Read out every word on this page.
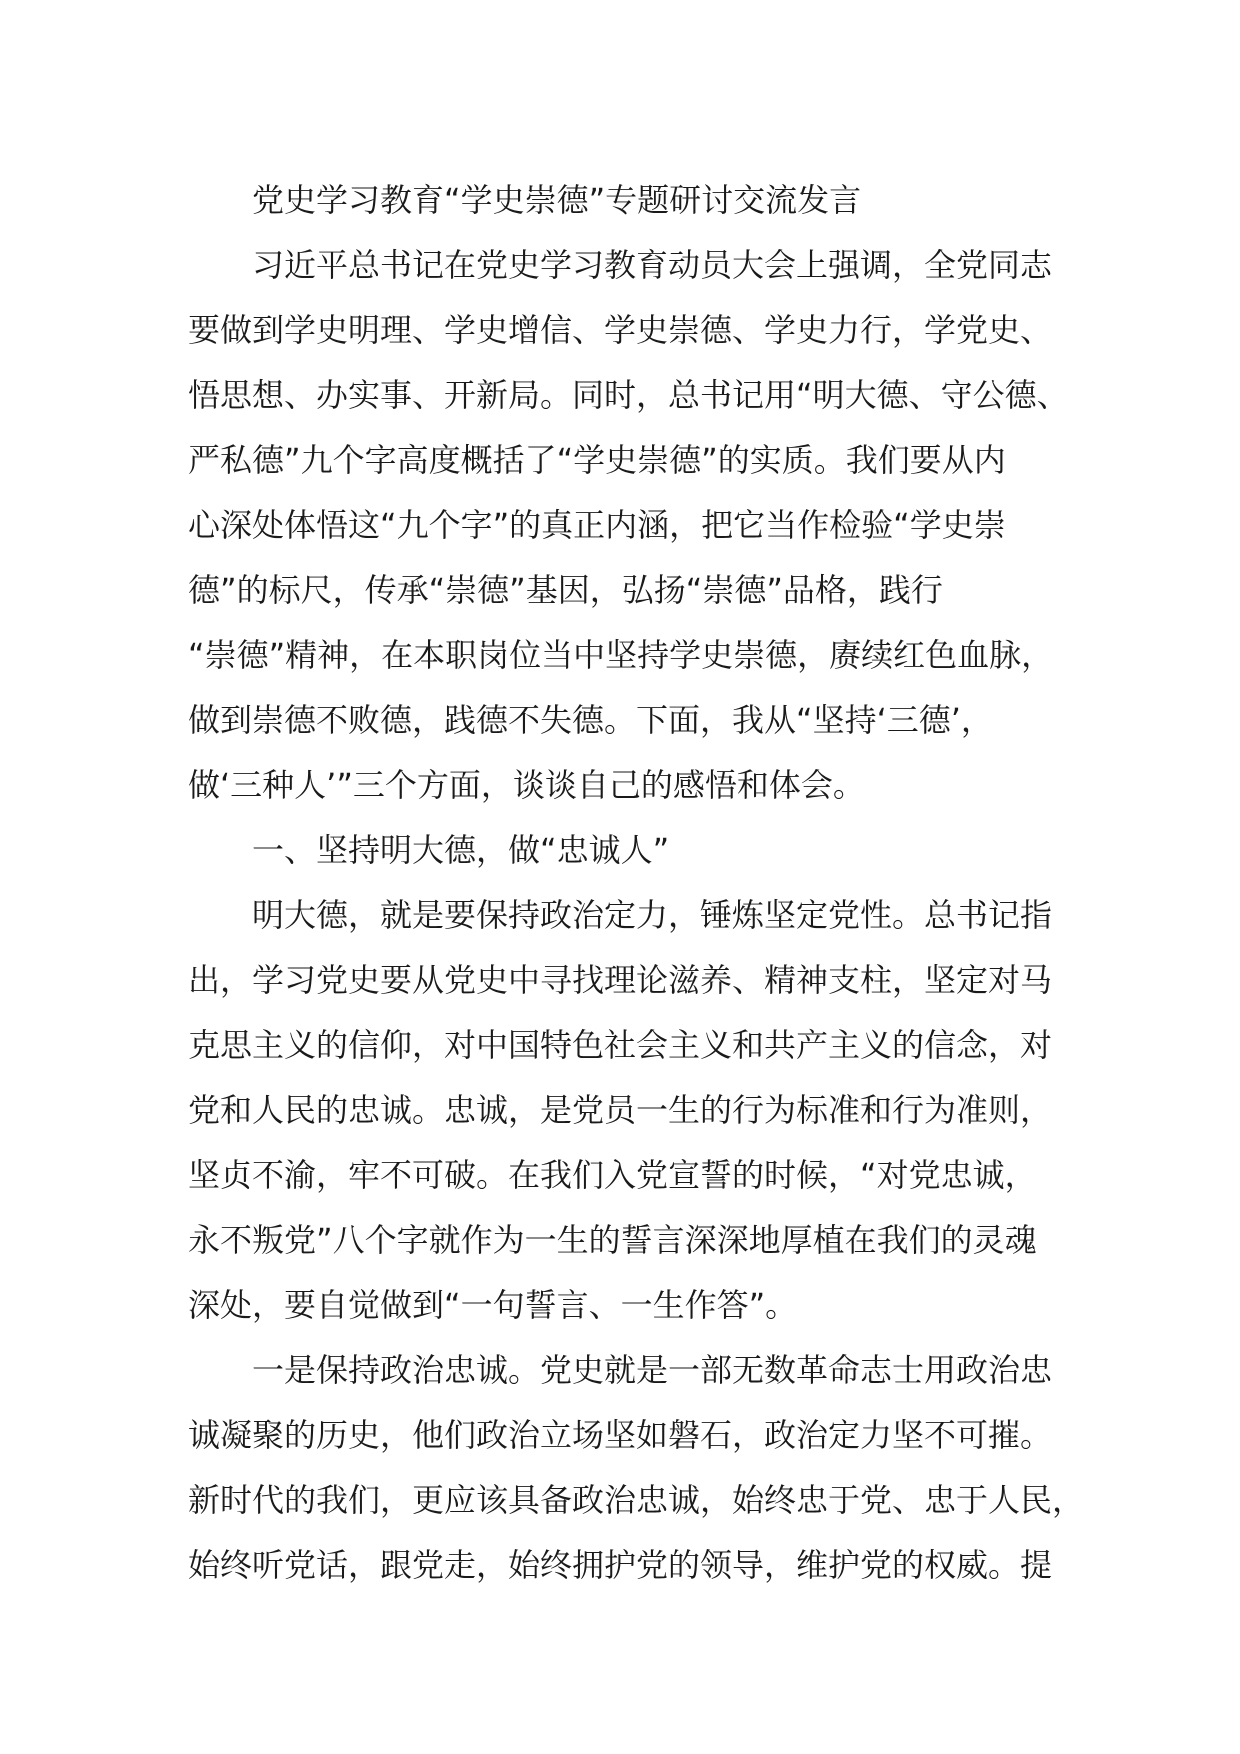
党史学习教育“学史崇德”专题研讨交流发言
习近平总书记在党史学习教育动员大会上强调，全党同志
要做到学史明理、学史增信、学史崇德、学史力行，学党史、
悟思想、办实事、开新局。同时，总书记用“明大德、守公德、
严私德”九个字高度概括了“学史崇德”的实质。我们要从内
心深处体悟这“九个字”的真正内涵，把它当作检验“学史崇
德”的标尺，传承“崇德”基因，弘扬“崇德”品格，践行
“崇德”精神，在本职岗位当中坚持学史崇德，赓续红色血脉，
做到崇德不败德，践德不失德。下面，我从“坚持‘三德’，
做‘三种人’”三个方面，谈谈自己的感悟和体会。
一、坚持明大德，做“忠诚人”
明大德，就是要保持政治定力，锤炼坚定党性。总书记指
出，学习党史要从党史中寻找理论滋养、精神支柱，坚定对马
克思主义的信仰，对中国特色社会主义和共产主义的信念，对
党和人民的忠诚。忠诚，是党员一生的行为标准和行为准则，
坚贞不渝，牢不可破。在我们入党宣誓的时候，“对党忠诚，
永不叛党”八个字就作为一生的誓言深深地厚植在我们的灵魂
深处，要自觉做到“一句誓言、一生作答”。
一是保持政治忠诚。党史就是一部无数革命志士用政治忠
诚凝聚的历史，他们政治立场坚如磐石，政治定力坚不可摧。
新时代的我们，更应该具备政治忠诚，始终忠于党、忠于人民，
始终听党话，跟党走，始终拥护党的领导，维护党的权威。提
